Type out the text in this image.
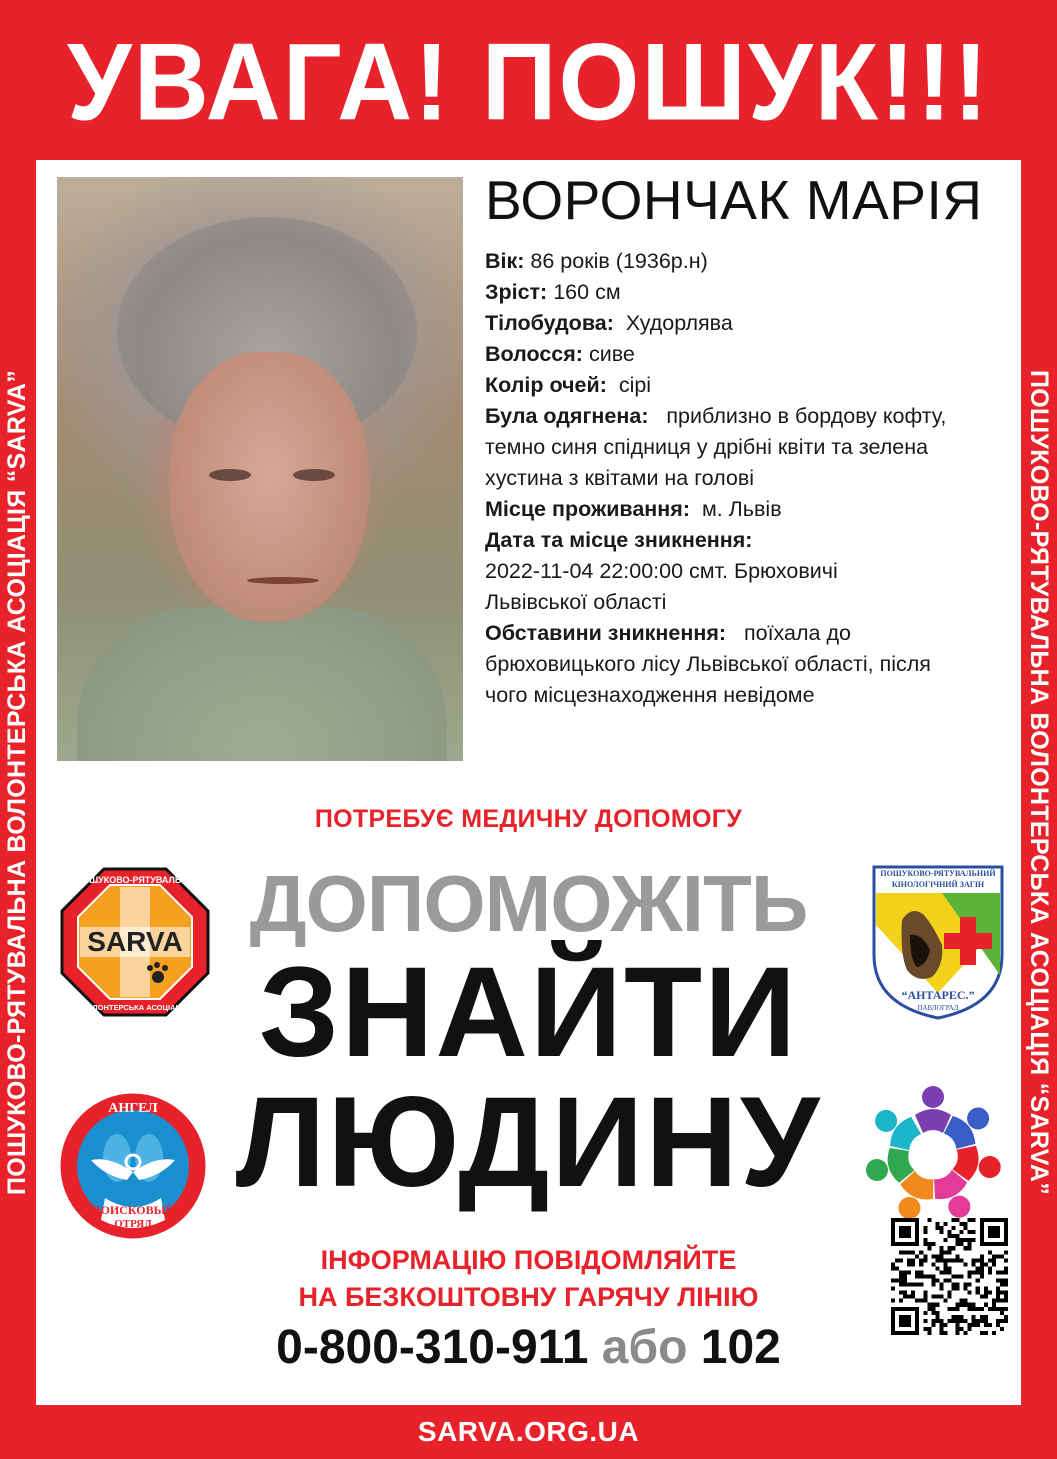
УВАГА! ПОШУК!!!
ПОШУКОВО-РЯТУВАЛЬНА ВОЛОНТЕРСЬКА АСОЦІАЦІЯ “SARVA”	ПОШУКОВО-РЯТУВАЛЬНА ВОЛОНТЕРСЬКА АСОЦІАЦІЯ “SARVA”
ВОРОНЧАК МАРІЯ
Вік: 86 років (1936р.н)
Зріст: 160 см
Тілобудова: Худорлява
Волосся: сиве
Колір очей: сірі
Була одягнена: приблизно в бордову кофту,
темно синя спідниця у дрібні квіти та зелена
хустина з квітами на голові
Місце проживання: м. Львів
Дата та місце зникнення:
2022-11-04 22:00:00 смт. Брюховичі
Львівської області
Обставини зникнення: поїхала до
брюховицького лісу Львівської області, після
чого місцезнаходження невідоме
ПОТРЕБУЄ МЕДИЧНУ ДОПОМОГУ
ДОПОМОЖІТЬ
ЗНАЙТИ
ЛЮДИНУ
SARVA
ПОШУКОВО-РЯТУВАЛЬНА
ВОЛОНТЕРСЬКА АСОЦІАЦІЯ
ПОШУКОВО-РЯТУВАЛЬНИЙ
КІНОЛОГІЧНИЙ ЗАГІН
“АНТАРЕС.”
ПАВЛОГРАД
АНГЕЛ
ПОИСКОВЫЙ
ОТРЯД
ІНФОРМАЦІЮ ПОВІДОМЛЯЙТЕ
НА БЕЗКОШТОВНУ ГАРЯЧУ ЛІНІЮ
0-800-310-911 або 102
SARVA.ORG.UA
